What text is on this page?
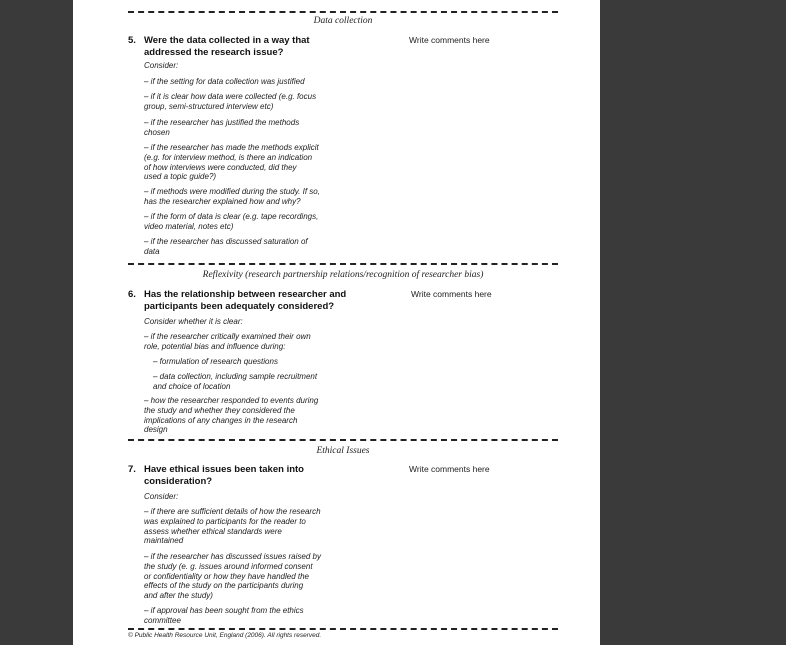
Data collection
5. Were the data collected in a way that
addressed the research issue?
Write comments here
Consider:
– if the setting for data collection was justified
– if it is clear how data were collected (e.g. focus
group, semi-structured interview etc)
– if the researcher has justified the methods
chosen
– if the researcher has made the methods explicit
(e.g. for interview method, is there an indication
of how interviews were conducted, did they
used a topic guide?)
– if methods were modified during the study. If so,
has the researcher explained how and why?
– if the form of data is clear (e.g. tape recordings,
video material, notes etc)
– if the researcher has discussed saturation of
data
Reflexivity (research partnership relations/recognition of researcher bias)
6. Has the relationship between researcher and
participants been adequately considered?
Write comments here
Consider whether it is clear:
– if the researcher critically examined their own
role, potential bias and influence during:
– formulation of research questions
– data collection, including sample recruitment
and choice of location
– how the researcher responded to events during
the study and whether they considered the
implications of any changes in the research
design
Ethical Issues
7. Have ethical issues been taken into
consideration?
Write comments here
Consider:
– if there are sufficient details of how the research
was explained to participants for the reader to
assess whether ethical standards were
maintained
– if the researcher has discussed issues raised by
the study (e. g. issues around informed consent
or confidentiality or how they have handled the
effects of the study on the participants during
and after the study)
– if approval has been sought from the ethics
committee
© Public Health Resource Unit, England (2006). All rights reserved.
